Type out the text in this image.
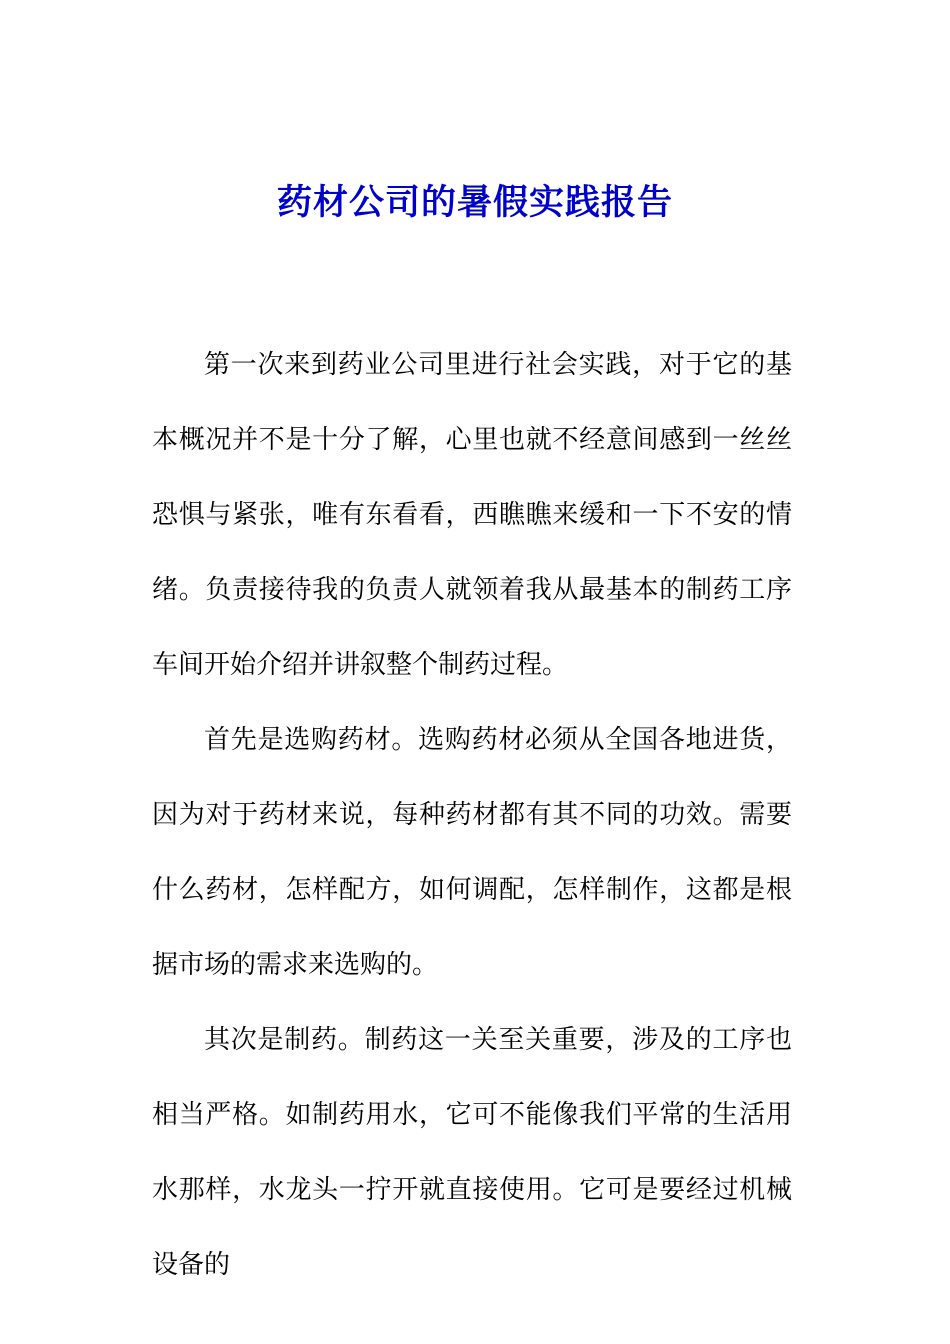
药材公司的暑假实践报告

第一次来到药业公司里进行社会实践，对于它的基本概况并不是十分了解，心里也就不经意间感到一丝丝恐惧与紧张，唯有东看看，西瞧瞧来缓和一下不安的情绪。负责接待我的负责人就领着我从最基本的制药工序车间开始介绍并讲叙整个制药过程。

首先是选购药材。选购药材必须从全国各地进货，因为对于药材来说，每种药材都有其不同的功效。需要什么药材，怎样配方，如何调配，怎样制作，这都是根据市场的需求来选购的。

其次是制药。制药这一关至关重要，涉及的工序也相当严格。如制药用水，它可不能像我们平常的生活用水那样，水龙头一拧开就直接使用。它可是要经过机械设备的
